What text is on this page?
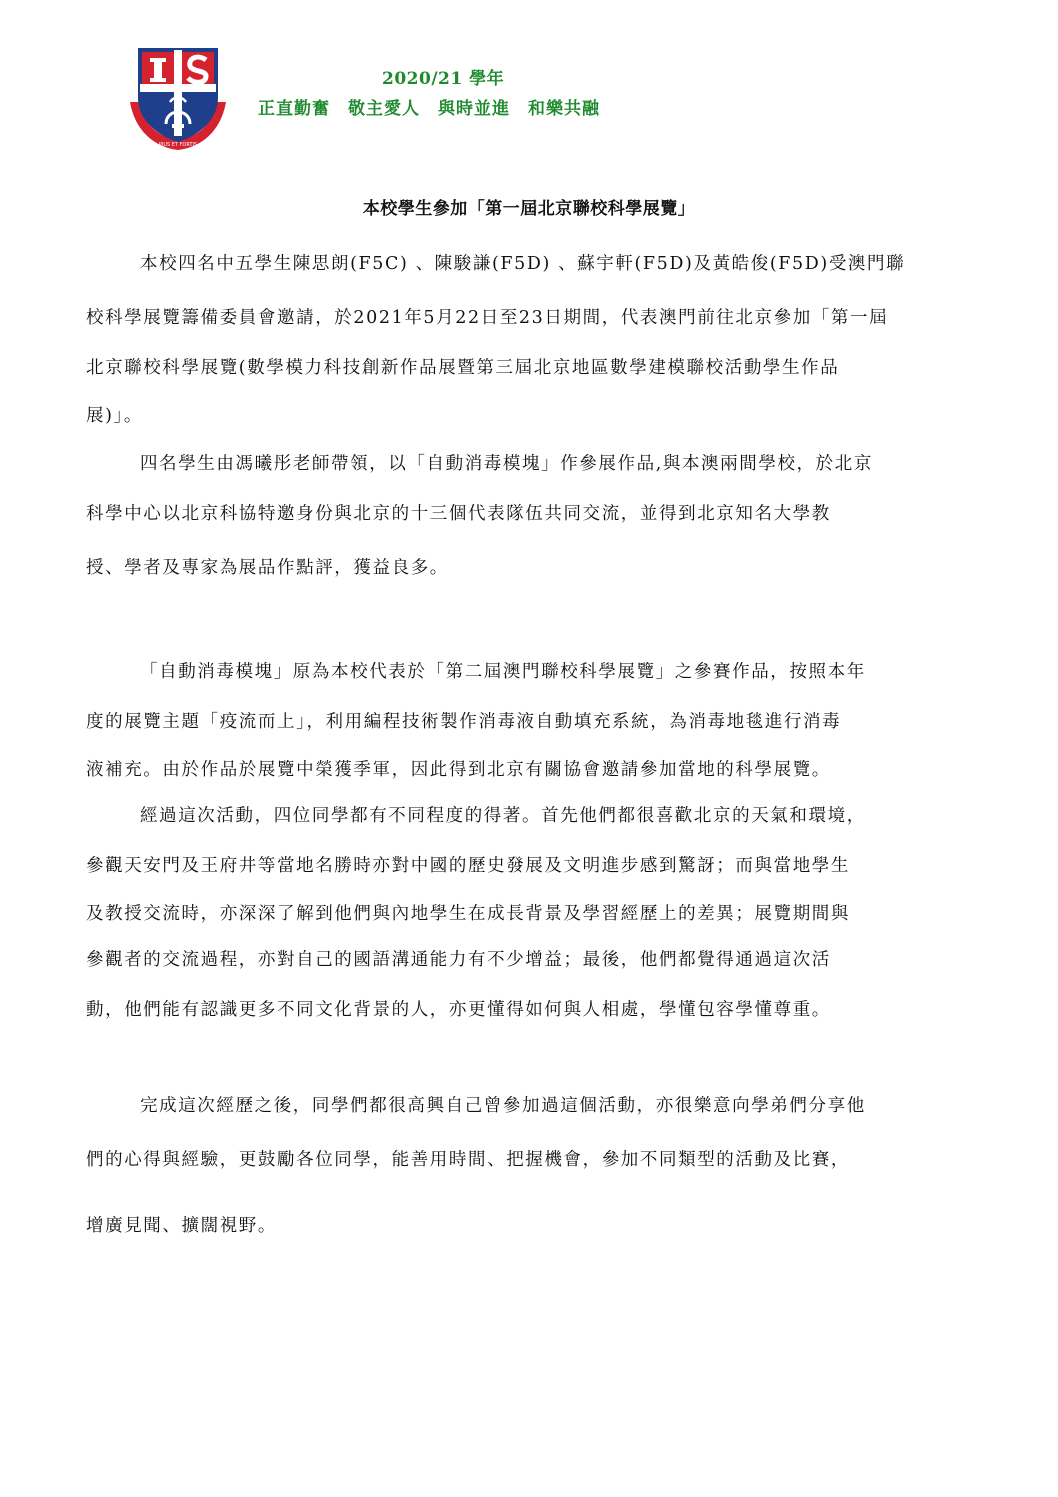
PIUS ET FORTIS
2020/21 學年
正直勤奮　敬主愛人　與時並進　和樂共融
本校學生參加「第一屆北京聯校科學展覽」
本校四名中五學生陳思朗(F5C) 、陳駿謙(F5D) 、蘇宇軒(F5D)及黃皓俊(F5D)受澳門聯
校科學展覽籌備委員會邀請，於2021年5月22日至23日期間，代表澳門前往北京參加「第一屆
北京聯校科學展覽(數學模力科技創新作品展暨第三屆北京地區數學建模聯校活動學生作品
展)」。
四名學生由馮曦彤老師帶領，以「自動消毒模塊」作參展作品,與本澳兩間學校，於北京
科學中心以北京科協特邀身份與北京的十三個代表隊伍共同交流，並得到北京知名大學教
授、學者及專家為展品作點評，獲益良多。
「自動消毒模塊」原為本校代表於「第二屆澳門聯校科學展覽」之參賽作品，按照本年
度的展覽主題「疫流而上」，利用編程技術製作消毒液自動填充系統，為消毒地毯進行消毒
液補充。由於作品於展覽中榮獲季軍，因此得到北京有關協會邀請參加當地的科學展覽。
經過這次活動，四位同學都有不同程度的得著。首先他們都很喜歡北京的天氣和環境，
參觀天安門及王府井等當地名勝時亦對中國的歷史發展及文明進步感到驚訝；而與當地學生
及教授交流時，亦深深了解到他們與內地學生在成長背景及學習經歷上的差異；展覽期間與
參觀者的交流過程，亦對自己的國語溝通能力有不少增益；最後，他們都覺得通過這次活
動，他們能有認識更多不同文化背景的人，亦更懂得如何與人相處，學懂包容學懂尊重。
完成這次經歷之後，同學們都很高興自己曾參加過這個活動，亦很樂意向學弟們分享他
們的心得與經驗，更鼓勵各位同學，能善用時間、把握機會，參加不同類型的活動及比賽，
增廣見聞、擴闊視野。
